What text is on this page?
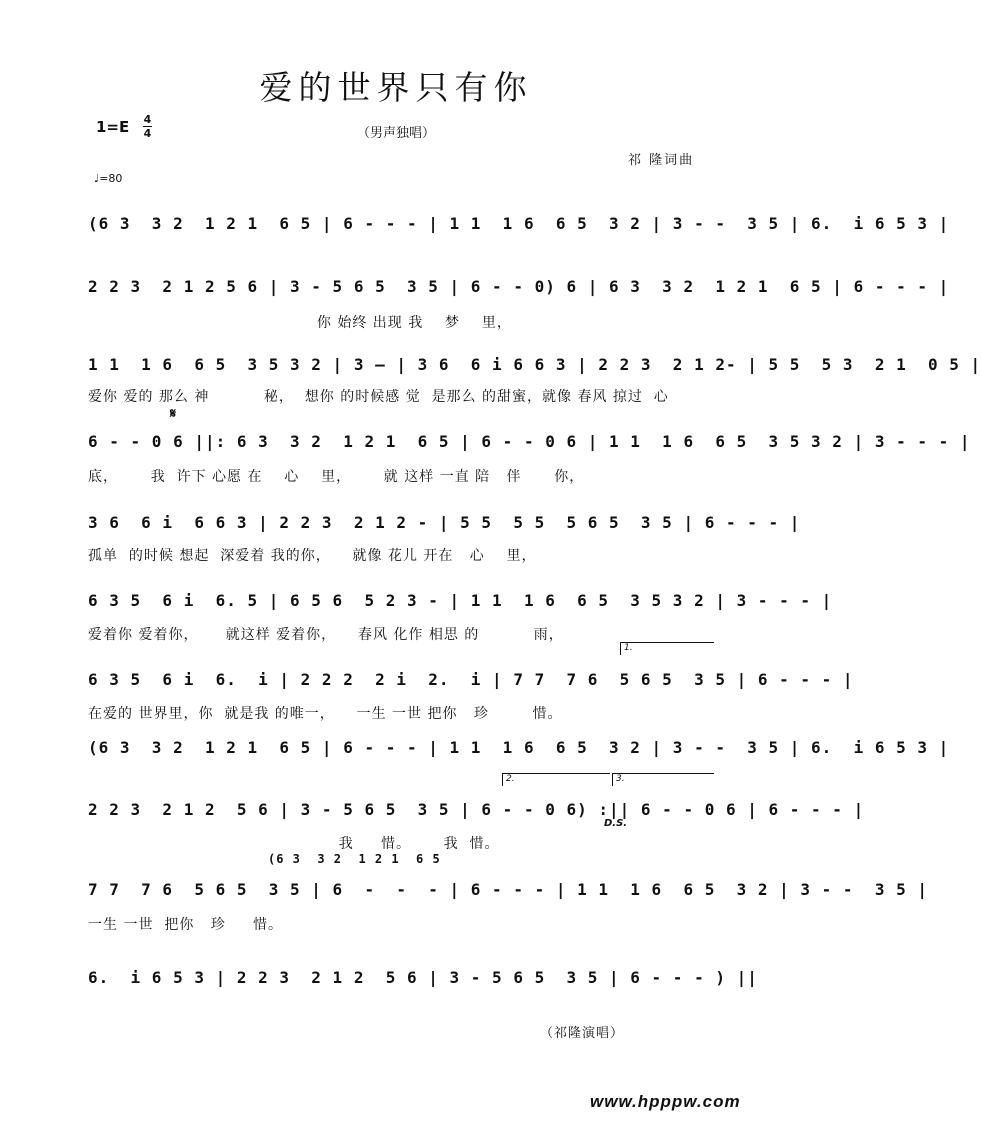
爱的世界只有你
1=E 4
4	（男声独唱）
祁 隆词曲
♩=80
𝄋
(6 3  3 2  1 2 1  6 5 | 6 - - - | 1 1  1 6  6 5  3 2 | 3 - -  3 5 | 6.  i 6 5 3 |
2 2 3  2 1 2 5 6 | 3 - 5 6 5  3 5 | 6 - - 0) 6 | 6 3  3 2  1 2 1  6 5 | 6 - - - |
你 始终 出现 我    梦    里，
1 1  1 6  6 5  3 5 3 2 | 3 — | 3 6  6 i 6 6 3 | 2 2 3  2 1 2- | 5 5  5 3  2 1  0 5 |
爱你 爱的 那么 神          秘，  想你 的时候感 觉  是那么 的甜蜜，就像 春风 掠过  心
6 - - 0 6 ||: 6 3  3 2  1 2 1  6 5 | 6 - - 0 6 | 1 1  1 6  6 5  3 5 3 2 | 3 - - - |
底，      我  许下 心愿 在    心    里，      就 这样 一直 陪   伴      你，
3 6  6 i  6 6 3 | 2 2 3  2 1 2 - | 5 5  5 5  5 6 5  3 5 | 6 - - - |
孤单  的时候 想起  深爱着 我的你，    就像 花儿 开在   心    里，
6 3 5  6 i  6. 5 | 6 5 6  5 2 3 - | 1 1  1 6  6 5  3 5 3 2 | 3 - - - |
爱着你 爱着你，     就这样 爱着你，    春风 化作 相思 的          雨，
1.
6 3 5  6 i  6.  i | 2 2 2  2 i  2.  i | 7 7  7 6  5 6 5  3 5 | 6 - - - |
在爱的 世界里，你  就是我 的唯一，    一生 一世 把你   珍        惜。
(6 3  3 2  1 2 1  6 5 | 6 - - - | 1 1  1 6  6 5  3 2 | 3 - -  3 5 | 6.  i 6 5 3 |
2.	3.
2 2 3  2 1 2  5 6 | 3 - 5 6 5  3 5 | 6 - - 0 6) :|| 6 - - 0 6 | 6 - - - |
D.S.
我     惜。      我  惜。
(6 3  3 2  1 2 1  6 5
7 7  7 6  5 6 5  3 5 | 6  -  -  - | 6 - - - | 1 1  1 6  6 5  3 2 | 3 - -  3 5 |
一生 一世  把你   珍     惜。
6.  i 6 5 3 | 2 2 3  2 1 2  5 6 | 3 - 5 6 5  3 5 | 6 - - - ) ||
（祁隆演唱）
www.hpppw.com
